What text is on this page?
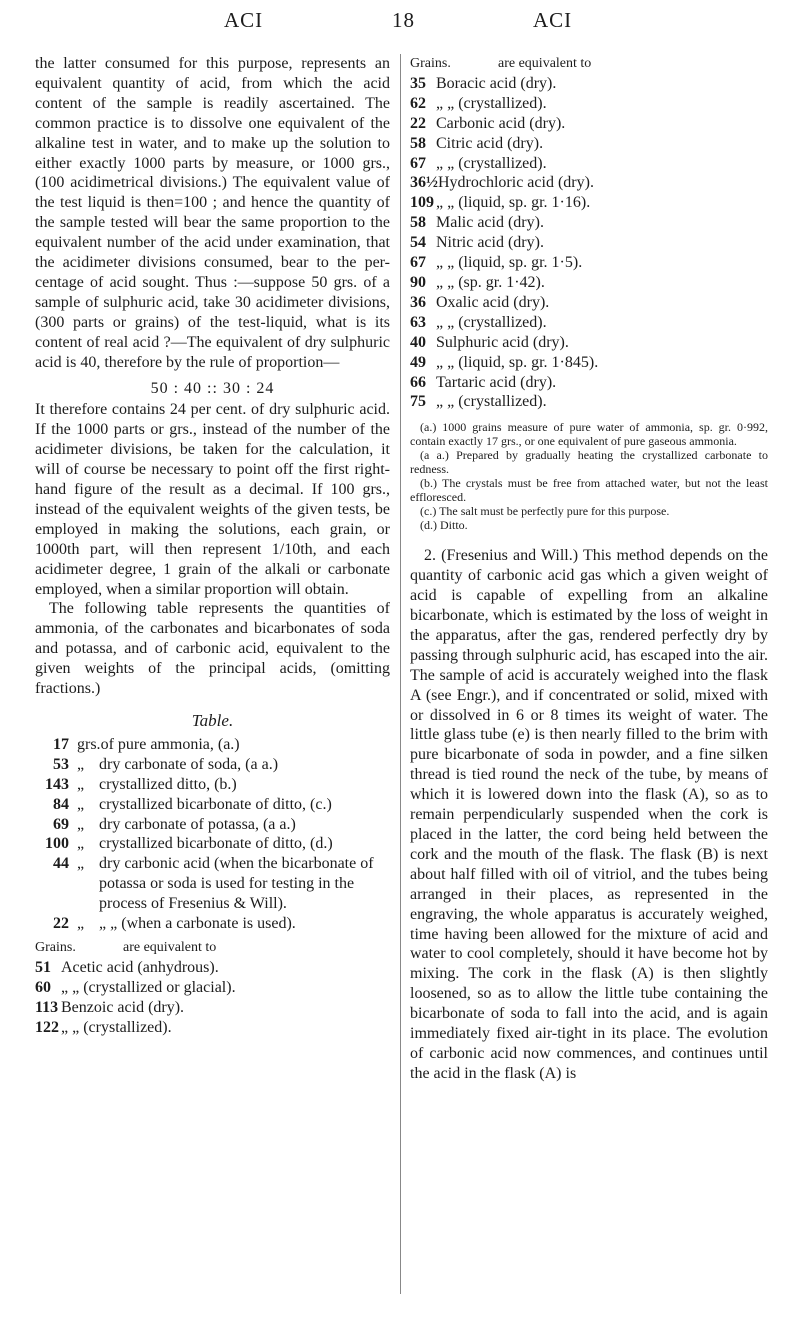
ACI	18	ACI

the latter consumed for this purpose, represents an equivalent quantity of acid, from which the acid content of the sample is readily ascertained. The common practice is to dissolve one equivalent of the alkaline test in water, and to make up the solution to either exactly 1000 parts by measure, or 1000 grs., (100 acidimetrical divisions.) The equivalent value of the test liquid is then=100 ; and hence the quantity of the sample tested will bear the same proportion to the equivalent number of the acid under examination, that the acidimeter divisions consumed, bear to the per-centage of acid sought. Thus :—suppose 50 grs. of a sample of sulphuric acid, take 30 acidimeter divisions, (300 parts or grains) of the test-liquid, what is its content of real acid ?—The equivalent of dry sulphuric acid is 40, therefore by the rule of proportion—

50 : 40 :: 30 : 24

It therefore contains 24 per cent. of dry sulphuric acid. If the 1000 parts or grs., instead of the number of the acidimeter divisions, be taken for the calculation, it will of course be necessary to point off the first right-hand figure of the result as a decimal. If 100 grs., instead of the equivalent weights of the given tests, be employed in making the solutions, each grain, or 1000th part, will then represent 1/10th, and each acidimeter degree, 1 grain of the alkali or carbonate employed, when a similar proportion will obtain.

The following table represents the quantities of ammonia, of the carbonates and bicarbonates of soda and potassa, and of carbonic acid, equivalent to the given weights of the principal acids, (omitting fractions.)

Table.
17 grs. of pure ammonia, (a.)
53 „ dry carbonate of soda, (a a.)
143 „ crystallized ditto, (b.)
84 „ crystallized bicarbonate of ditto, (c.)
69 „ dry carbonate of potassa, (a a.)
100 „ crystallized bicarbonate of ditto, (d.)
44 „ dry carbonic acid (when the bicarbonate of potassa or soda is used for testing in the process of Fresenius & Will).
22 „ „ „ (when a carbonate is used).
Grains.	are equivalent to
51 Acetic acid (anhydrous).
60 „ „ (crystallized or glacial).
113 Benzoic acid (dry).
122 „ „ (crystallized).
Grains.	are equivalent to
35 Boracic acid (dry).
62 „ „ (crystallized).
22 Carbonic acid (dry).
58 Citric acid (dry).
67 „ „ (crystallized).
36½ Hydrochloric acid (dry).
109 „ „ (liquid, sp. gr. 1·16).
58 Malic acid (dry).
54 Nitric acid (dry).
67 „ „ (liquid, sp. gr. 1·5).
90 „ „ (sp. gr. 1·42).
36 Oxalic acid (dry).
63 „ „ (crystallized).
40 Sulphuric acid (dry).
49 „ „ (liquid, sp. gr. 1·845).
66 Tartaric acid (dry).
75 „ „ (crystallized).

(a.) 1000 grains measure of pure water of ammonia, sp. gr. 0·992, contain exactly 17 grs., or one equivalent of pure gaseous ammonia.

(a a.) Prepared by gradually heating the crystallized carbonate to redness.

(b.) The crystals must be free from attached water, but not the least effloresced.

(c.) The salt must be perfectly pure for this purpose.

(d.) Ditto.

2. (Fresenius and Will.) This method depends on the quantity of carbonic acid gas which a given weight of acid is capable of expelling from an alkaline bicarbonate, which is estimated by the loss of weight in the apparatus, after the gas, rendered perfectly dry by passing through sulphuric acid, has escaped into the air. The sample of acid is accurately weighed into the flask A (see Engr.), and if concentrated or solid, mixed with or dissolved in 6 or 8 times its weight of water. The little glass tube (e) is then nearly filled to the brim with pure bicarbonate of soda in powder, and a fine silken thread is tied round the neck of the tube, by means of which it is lowered down into the flask (A), so as to remain perpendicularly suspended when the cork is placed in the latter, the cord being held between the cork and the mouth of the flask. The flask (B) is next about half filled with oil of vitriol, and the tubes being arranged in their places, as represented in the engraving, the whole apparatus is accurately weighed, time having been allowed for the mixture of acid and water to cool completely, should it have become hot by mixing. The cork in the flask (A) is then slightly loosened, so as to allow the little tube containing the bicarbonate of soda to fall into the acid, and is again immediately fixed air-tight in its place. The evolution of carbonic acid now commences, and continues until the acid in the flask (A) is
